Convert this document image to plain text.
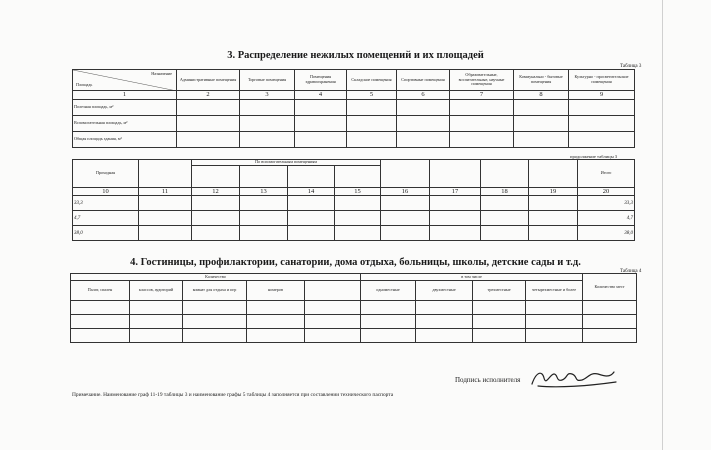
3. Распределение нежилых помещений и их площадей
Таблица 3
Назначение
Площадь	Административные помещения	Торговые помещения	Помещения здравоохранения	Складские помещения	Спортивные помещения	Образовательные, воспитательные, научные помещения	Коммунально - бытовые помещения	Культурно - просветительские помещения
1	2	3	4	5	6	7	8	9
Полезная площадь, м²								
Вспомогательная площадь, м²								
Общая площадь здания, м²								
продолжение таблицы 3
Проходная		По вспомогательным помещениям								Итого

10	11	12	13	14	15	16	17	18	19	20
33,3										33,3
4,7										4,7
38,0										38,0
4. Гостиницы, профилактории, санатории, дома отдыха, больницы, школы, детские сады и т.д.
Таблица 4
Количество					в том числе				Количество мест
Палат, спален	классов, аудиторий	комнат для отдыха и игр	номеров		одноместные	двухместные	трехместные	четырехместные и более	

Подпись исполнителя
Примечание. Наименование граф 11-19 таблицы 3 и наименование графы 5 таблицы 4 заполняется при составлении технического паспорта
